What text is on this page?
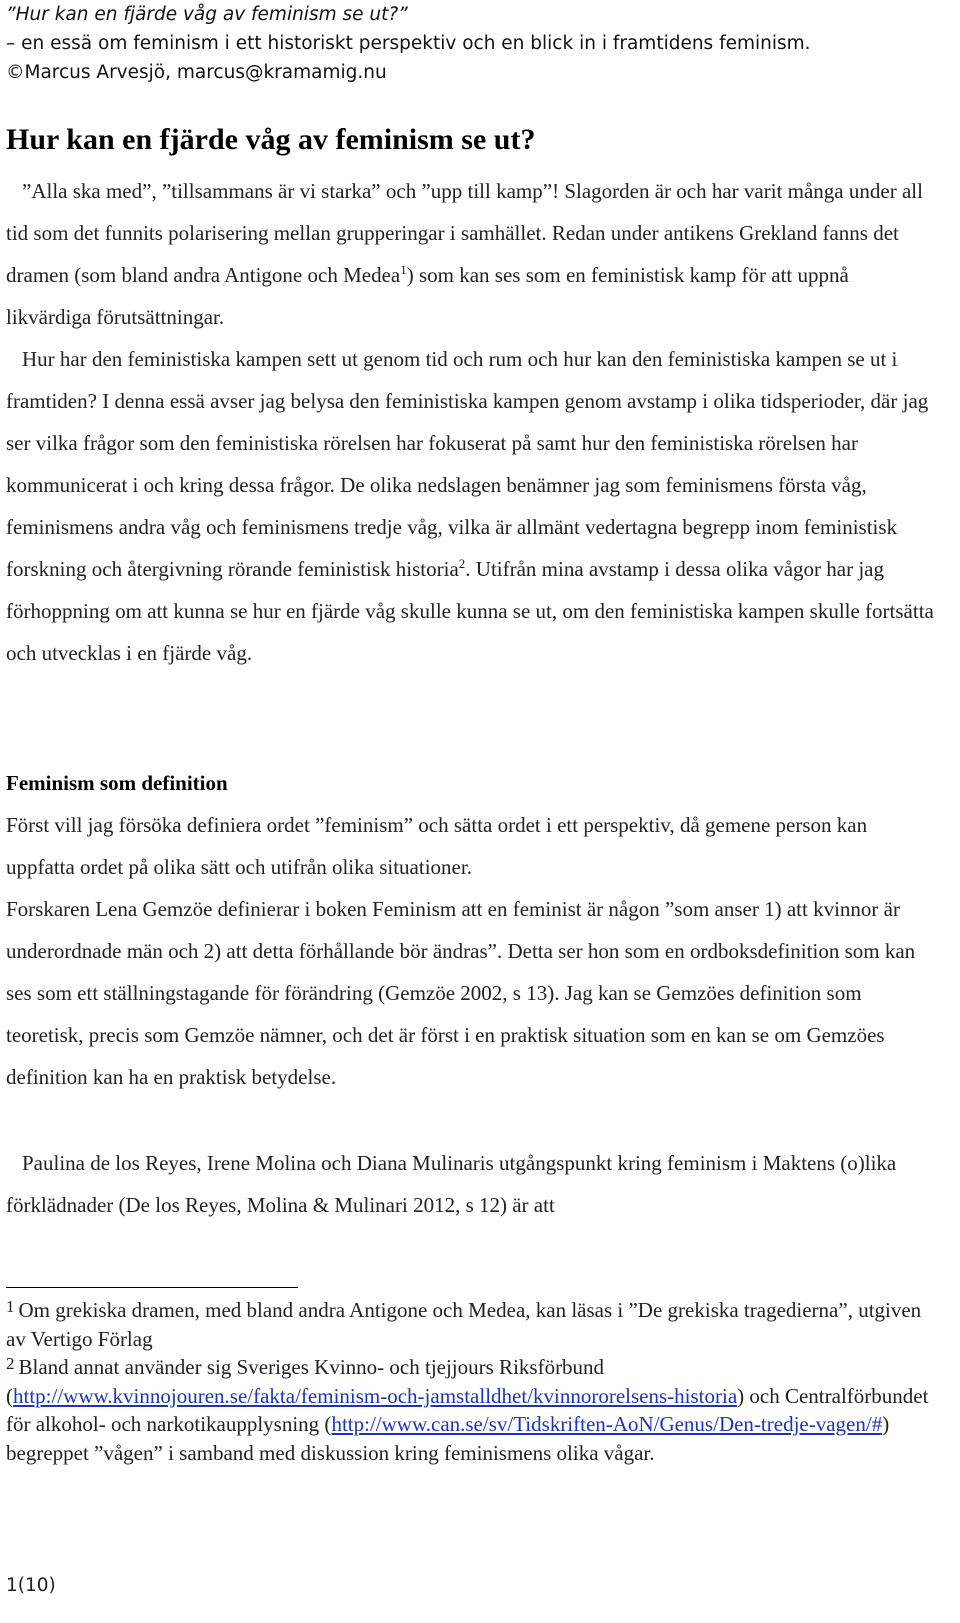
”Hur kan en fjärde våg av feminism se ut?”
– en essä om feminism i ett historiskt perspektiv och en blick in i framtidens feminism.
©Marcus Arvesjö, marcus@kramamig.nu
Hur kan en fjärde våg av feminism se ut?
”Alla ska med”, ”tillsammans är vi starka” och ”upp till kamp”! Slagorden är och har varit många under all tid som det funnits polarisering mellan grupperingar i samhället. Redan under antikens Grekland fanns det dramen (som bland andra Antigone och Medea$^1$) som kan ses som en feministisk kamp för att uppnå likvärdiga förutsättningar.
Hur har den feministiska kampen sett ut genom tid och rum och hur kan den feministiska kampen se ut i framtiden? I denna essä avser jag belysa den feministiska kampen genom avstamp i olika tidsperioder, där jag ser vilka frågor som den feministiska rörelsen har fokuserat på samt hur den feministiska rörelsen har kommunicerat i och kring dessa frågor. De olika nedslagen benämner jag som feminismens första våg, feminismens andra våg och feminismens tredje våg, vilka är allmänt vedertagna begrepp inom feministisk forskning och återgivning rörande feministisk historia$^2$. Utifrån mina avstamp i dessa olika vågor har jag förhoppning om att kunna se hur en fjärde våg skulle kunna se ut, om den feministiska kampen skulle fortsätta och utvecklas i en fjärde våg.
Feminism som definition
Först vill jag försöka definiera ordet ”feminism” och sätta ordet i ett perspektiv, då gemene person kan uppfatta ordet på olika sätt och utifrån olika situationer.
Forskaren Lena Gemzöe definierar i boken Feminism att en feminist är någon ”som anser 1) att kvinnor är underordnade män och 2) att detta förhållande bör ändras”. Detta ser hon som en ordboksdefinition som kan ses som ett ställningstagande för förändring (Gemzöe 2002, s 13). Jag kan se Gemzöes definition som teoretisk, precis som Gemzöe nämner, och det är först i en praktisk situation som en kan se om Gemzöes definition kan ha en praktisk betydelse.
Paulina de los Reyes, Irene Molina och Diana Mulinaris utgångspunkt kring feminism i Maktens (o)lika förklädnader (De los Reyes, Molina & Mulinari 2012, s 12) är att
$^1$ Om grekiska dramen, med bland andra Antigone och Medea, kan läsas i ”De grekiska tragedierna”, utgiven av Vertigo Förlag
$^2$ Bland annat använder sig Sveriges Kvinno- och tjejjours Riksförbund (http://www.kvinnojouren.se/fakta/feminism-och-jamstalldhet/kvinnororelsens-historia) och Centralförbundet för alkohol- och narkotikaupplysning (http://www.can.se/sv/Tidskriften-AoN/Genus/Den-tredje-vagen/#) begreppet ”vågen” i samband med diskussion kring feminismens olika vågar.
1(10)
